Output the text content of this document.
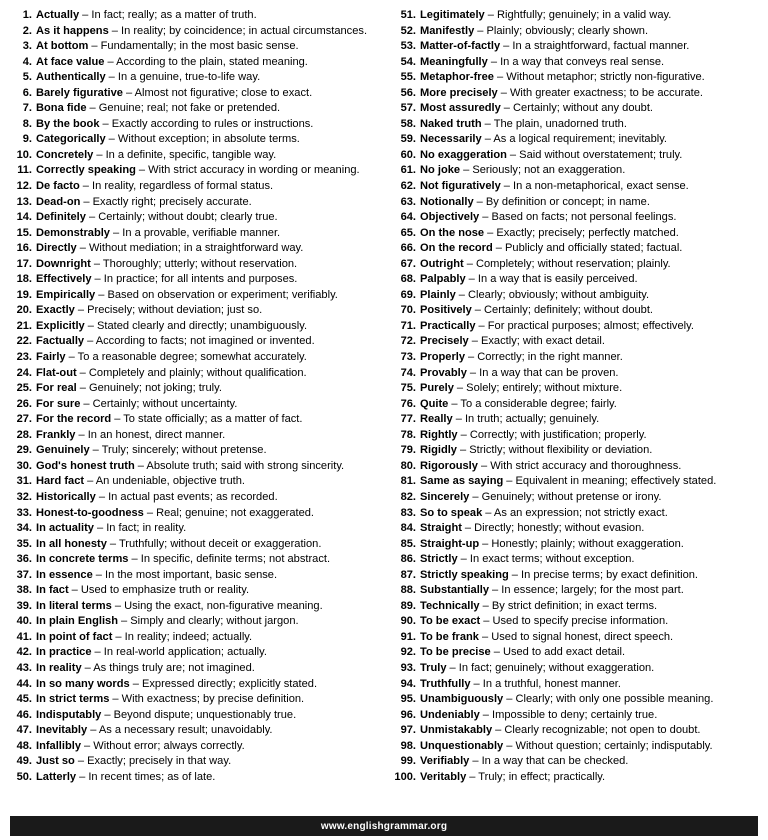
1. Actually – In fact; really; as a matter of truth.
2. As it happens – In reality; by coincidence; in actual circumstances.
3. At bottom – Fundamentally; in the most basic sense.
4. At face value – According to the plain, stated meaning.
5. Authentically – In a genuine, true-to-life way.
6. Barely figurative – Almost not figurative; close to exact.
7. Bona fide – Genuine; real; not fake or pretended.
8. By the book – Exactly according to rules or instructions.
9. Categorically – Without exception; in absolute terms.
10. Concretely – In a definite, specific, tangible way.
11. Correctly speaking – With strict accuracy in wording or meaning.
12. De facto – In reality, regardless of formal status.
13. Dead-on – Exactly right; precisely accurate.
14. Definitely – Certainly; without doubt; clearly true.
15. Demonstrably – In a provable, verifiable manner.
16. Directly – Without mediation; in a straightforward way.
17. Downright – Thoroughly; utterly; without reservation.
18. Effectively – In practice; for all intents and purposes.
19. Empirically – Based on observation or experiment; verifiably.
20. Exactly – Precisely; without deviation; just so.
21. Explicitly – Stated clearly and directly; unambiguously.
22. Factually – According to facts; not imagined or invented.
23. Fairly – To a reasonable degree; somewhat accurately.
24. Flat-out – Completely and plainly; without qualification.
25. For real – Genuinely; not joking; truly.
26. For sure – Certainly; without uncertainty.
27. For the record – To state officially; as a matter of fact.
28. Frankly – In an honest, direct manner.
29. Genuinely – Truly; sincerely; without pretense.
30. God's honest truth – Absolute truth; said with strong sincerity.
31. Hard fact – An undeniable, objective truth.
32. Historically – In actual past events; as recorded.
33. Honest-to-goodness – Real; genuine; not exaggerated.
34. In actuality – In fact; in reality.
35. In all honesty – Truthfully; without deceit or exaggeration.
36. In concrete terms – In specific, definite terms; not abstract.
37. In essence – In the most important, basic sense.
38. In fact – Used to emphasize truth or reality.
39. In literal terms – Using the exact, non-figurative meaning.
40. In plain English – Simply and clearly; without jargon.
41. In point of fact – In reality; indeed; actually.
42. In practice – In real-world application; actually.
43. In reality – As things truly are; not imagined.
44. In so many words – Expressed directly; explicitly stated.
45. In strict terms – With exactness; by precise definition.
46. Indisputably – Beyond dispute; unquestionably true.
47. Inevitably – As a necessary result; unavoidably.
48. Infallibly – Without error; always correctly.
49. Just so – Exactly; precisely in that way.
50. Latterly – In recent times; as of late.
51. Legitimately – Rightfully; genuinely; in a valid way.
52. Manifestly – Plainly; obviously; clearly shown.
53. Matter-of-factly – In a straightforward, factual manner.
54. Meaningfully – In a way that conveys real sense.
55. Metaphor-free – Without metaphor; strictly non-figurative.
56. More precisely – With greater exactness; to be accurate.
57. Most assuredly – Certainly; without any doubt.
58. Naked truth – The plain, unadorned truth.
59. Necessarily – As a logical requirement; inevitably.
60. No exaggeration – Said without overstatement; truly.
61. No joke – Seriously; not an exaggeration.
62. Not figuratively – In a non-metaphorical, exact sense.
63. Notionally – By definition or concept; in name.
64. Objectively – Based on facts; not personal feelings.
65. On the nose – Exactly; precisely; perfectly matched.
66. On the record – Publicly and officially stated; factual.
67. Outright – Completely; without reservation; plainly.
68. Palpably – In a way that is easily perceived.
69. Plainly – Clearly; obviously; without ambiguity.
70. Positively – Certainly; definitely; without doubt.
71. Practically – For practical purposes; almost; effectively.
72. Precisely – Exactly; with exact detail.
73. Properly – Correctly; in the right manner.
74. Provably – In a way that can be proven.
75. Purely – Solely; entirely; without mixture.
76. Quite – To a considerable degree; fairly.
77. Really – In truth; actually; genuinely.
78. Rightly – Correctly; with justification; properly.
79. Rigidly – Strictly; without flexibility or deviation.
80. Rigorously – With strict accuracy and thoroughness.
81. Same as saying – Equivalent in meaning; effectively stated.
82. Sincerely – Genuinely; without pretense or irony.
83. So to speak – As an expression; not strictly exact.
84. Straight – Directly; honestly; without evasion.
85. Straight-up – Honestly; plainly; without exaggeration.
86. Strictly – In exact terms; without exception.
87. Strictly speaking – In precise terms; by exact definition.
88. Substantially – In essence; largely; for the most part.
89. Technically – By strict definition; in exact terms.
90. To be exact – Used to specify precise information.
91. To be frank – Used to signal honest, direct speech.
92. To be precise – Used to add exact detail.
93. Truly – In fact; genuinely; without exaggeration.
94. Truthfully – In a truthful, honest manner.
95. Unambiguously – Clearly; with only one possible meaning.
96. Undeniably – Impossible to deny; certainly true.
97. Unmistakably – Clearly recognizable; not open to doubt.
98. Unquestionably – Without question; certainly; indisputably.
99. Verifiably – In a way that can be checked.
100. Veritably – Truly; in effect; practically.
www.englishgrammar.org
